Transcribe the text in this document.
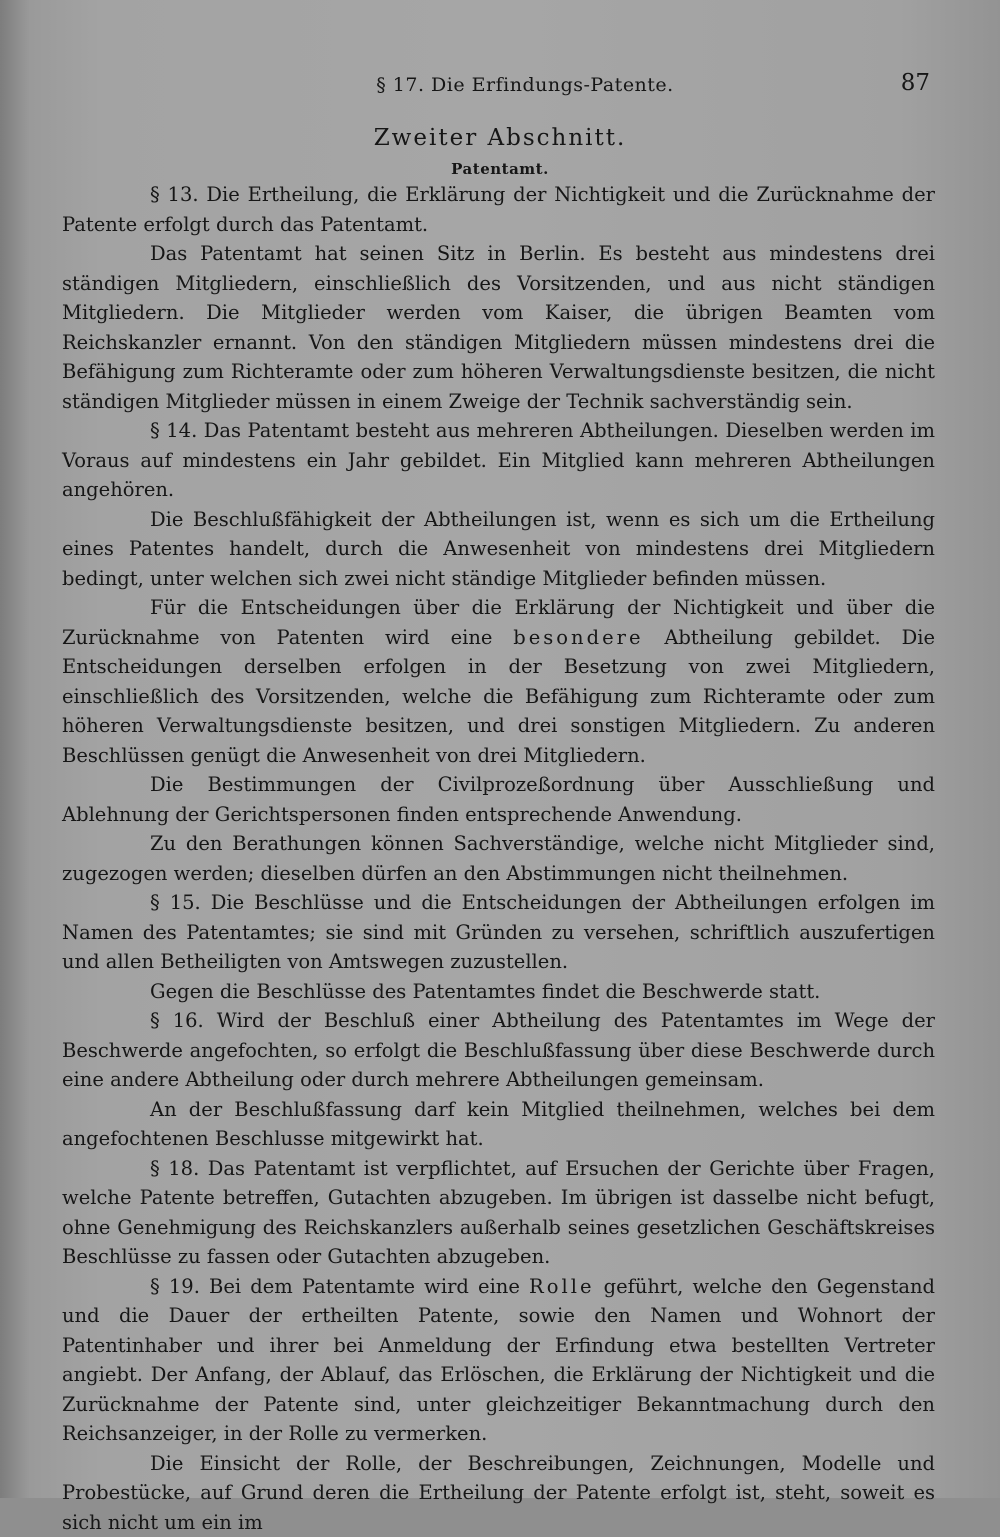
§ 17. Die Erfindungs-Patente.	87
Zweiter Abschnitt.
Patentamt.

§ 13. Die Ertheilung, die Erklärung der Nichtigkeit und die Zurücknahme der Patente erfolgt durch das Patentamt.

Das Patentamt hat seinen Sitz in Berlin. Es besteht aus mindestens drei ständigen Mitgliedern, einschließlich des Vorsitzenden, und aus nicht ständigen Mitgliedern. Die Mitglieder werden vom Kaiser, die übrigen Beamten vom Reichskanzler ernannt. Von den ständigen Mitgliedern müssen mindestens drei die Befähigung zum Richteramte oder zum höheren Verwaltungsdienste besitzen, die nicht ständigen Mitglieder müssen in einem Zweige der Technik sachverständig sein.

§ 14. Das Patentamt besteht aus mehreren Abtheilungen. Dieselben werden im Voraus auf mindestens ein Jahr gebildet. Ein Mitglied kann mehreren Abtheilungen angehören.

Die Beschlußfähigkeit der Abtheilungen ist, wenn es sich um die Ertheilung eines Patentes handelt, durch die Anwesenheit von mindestens drei Mitgliedern bedingt, unter welchen sich zwei nicht ständige Mitglieder befinden müssen.

Für die Entscheidungen über die Erklärung der Nichtigkeit und über die Zurücknahme von Patenten wird eine besondere Abtheilung gebildet. Die Entscheidungen derselben erfolgen in der Besetzung von zwei Mitgliedern, einschließlich des Vorsitzenden, welche die Befähigung zum Richteramte oder zum höheren Verwaltungsdienste besitzen, und drei sonstigen Mitgliedern. Zu anderen Beschlüssen genügt die Anwesenheit von drei Mitgliedern.

Die Bestimmungen der Civilprozeßordnung über Ausschließung und Ablehnung der Gerichtspersonen finden entsprechende Anwendung.

Zu den Berathungen können Sachverständige, welche nicht Mitglieder sind, zugezogen werden; dieselben dürfen an den Abstimmungen nicht theilnehmen.

§ 15. Die Beschlüsse und die Entscheidungen der Abtheilungen erfolgen im Namen des Patentamtes; sie sind mit Gründen zu versehen, schriftlich auszufertigen und allen Betheiligten von Amtswegen zuzustellen.

Gegen die Beschlüsse des Patentamtes findet die Beschwerde statt.

§ 16. Wird der Beschluß einer Abtheilung des Patentamtes im Wege der Beschwerde angefochten, so erfolgt die Beschlußfassung über diese Beschwerde durch eine andere Abtheilung oder durch mehrere Abtheilungen gemeinsam.

An der Beschlußfassung darf kein Mitglied theilnehmen, welches bei dem angefochtenen Beschlusse mitgewirkt hat.

§ 18. Das Patentamt ist verpflichtet, auf Ersuchen der Gerichte über Fragen, welche Patente betreffen, Gutachten abzugeben. Im übrigen ist dasselbe nicht befugt, ohne Genehmigung des Reichskanzlers außerhalb seines gesetzlichen Geschäftskreises Beschlüsse zu fassen oder Gutachten abzugeben.

§ 19. Bei dem Patentamte wird eine Rolle geführt, welche den Gegenstand und die Dauer der ertheilten Patente, sowie den Namen und Wohnort der Patentinhaber und ihrer bei Anmeldung der Erfindung etwa bestellten Vertreter angiebt. Der Anfang, der Ablauf, das Erlöschen, die Erklärung der Nichtigkeit und die Zurücknahme der Patente sind, unter gleichzeitiger Bekanntmachung durch den Reichsanzeiger, in der Rolle zu vermerken.

Die Einsicht der Rolle, der Beschreibungen, Zeichnungen, Modelle und Probestücke, auf Grund deren die Ertheilung der Patente erfolgt ist, steht, soweit es sich nicht um ein im
